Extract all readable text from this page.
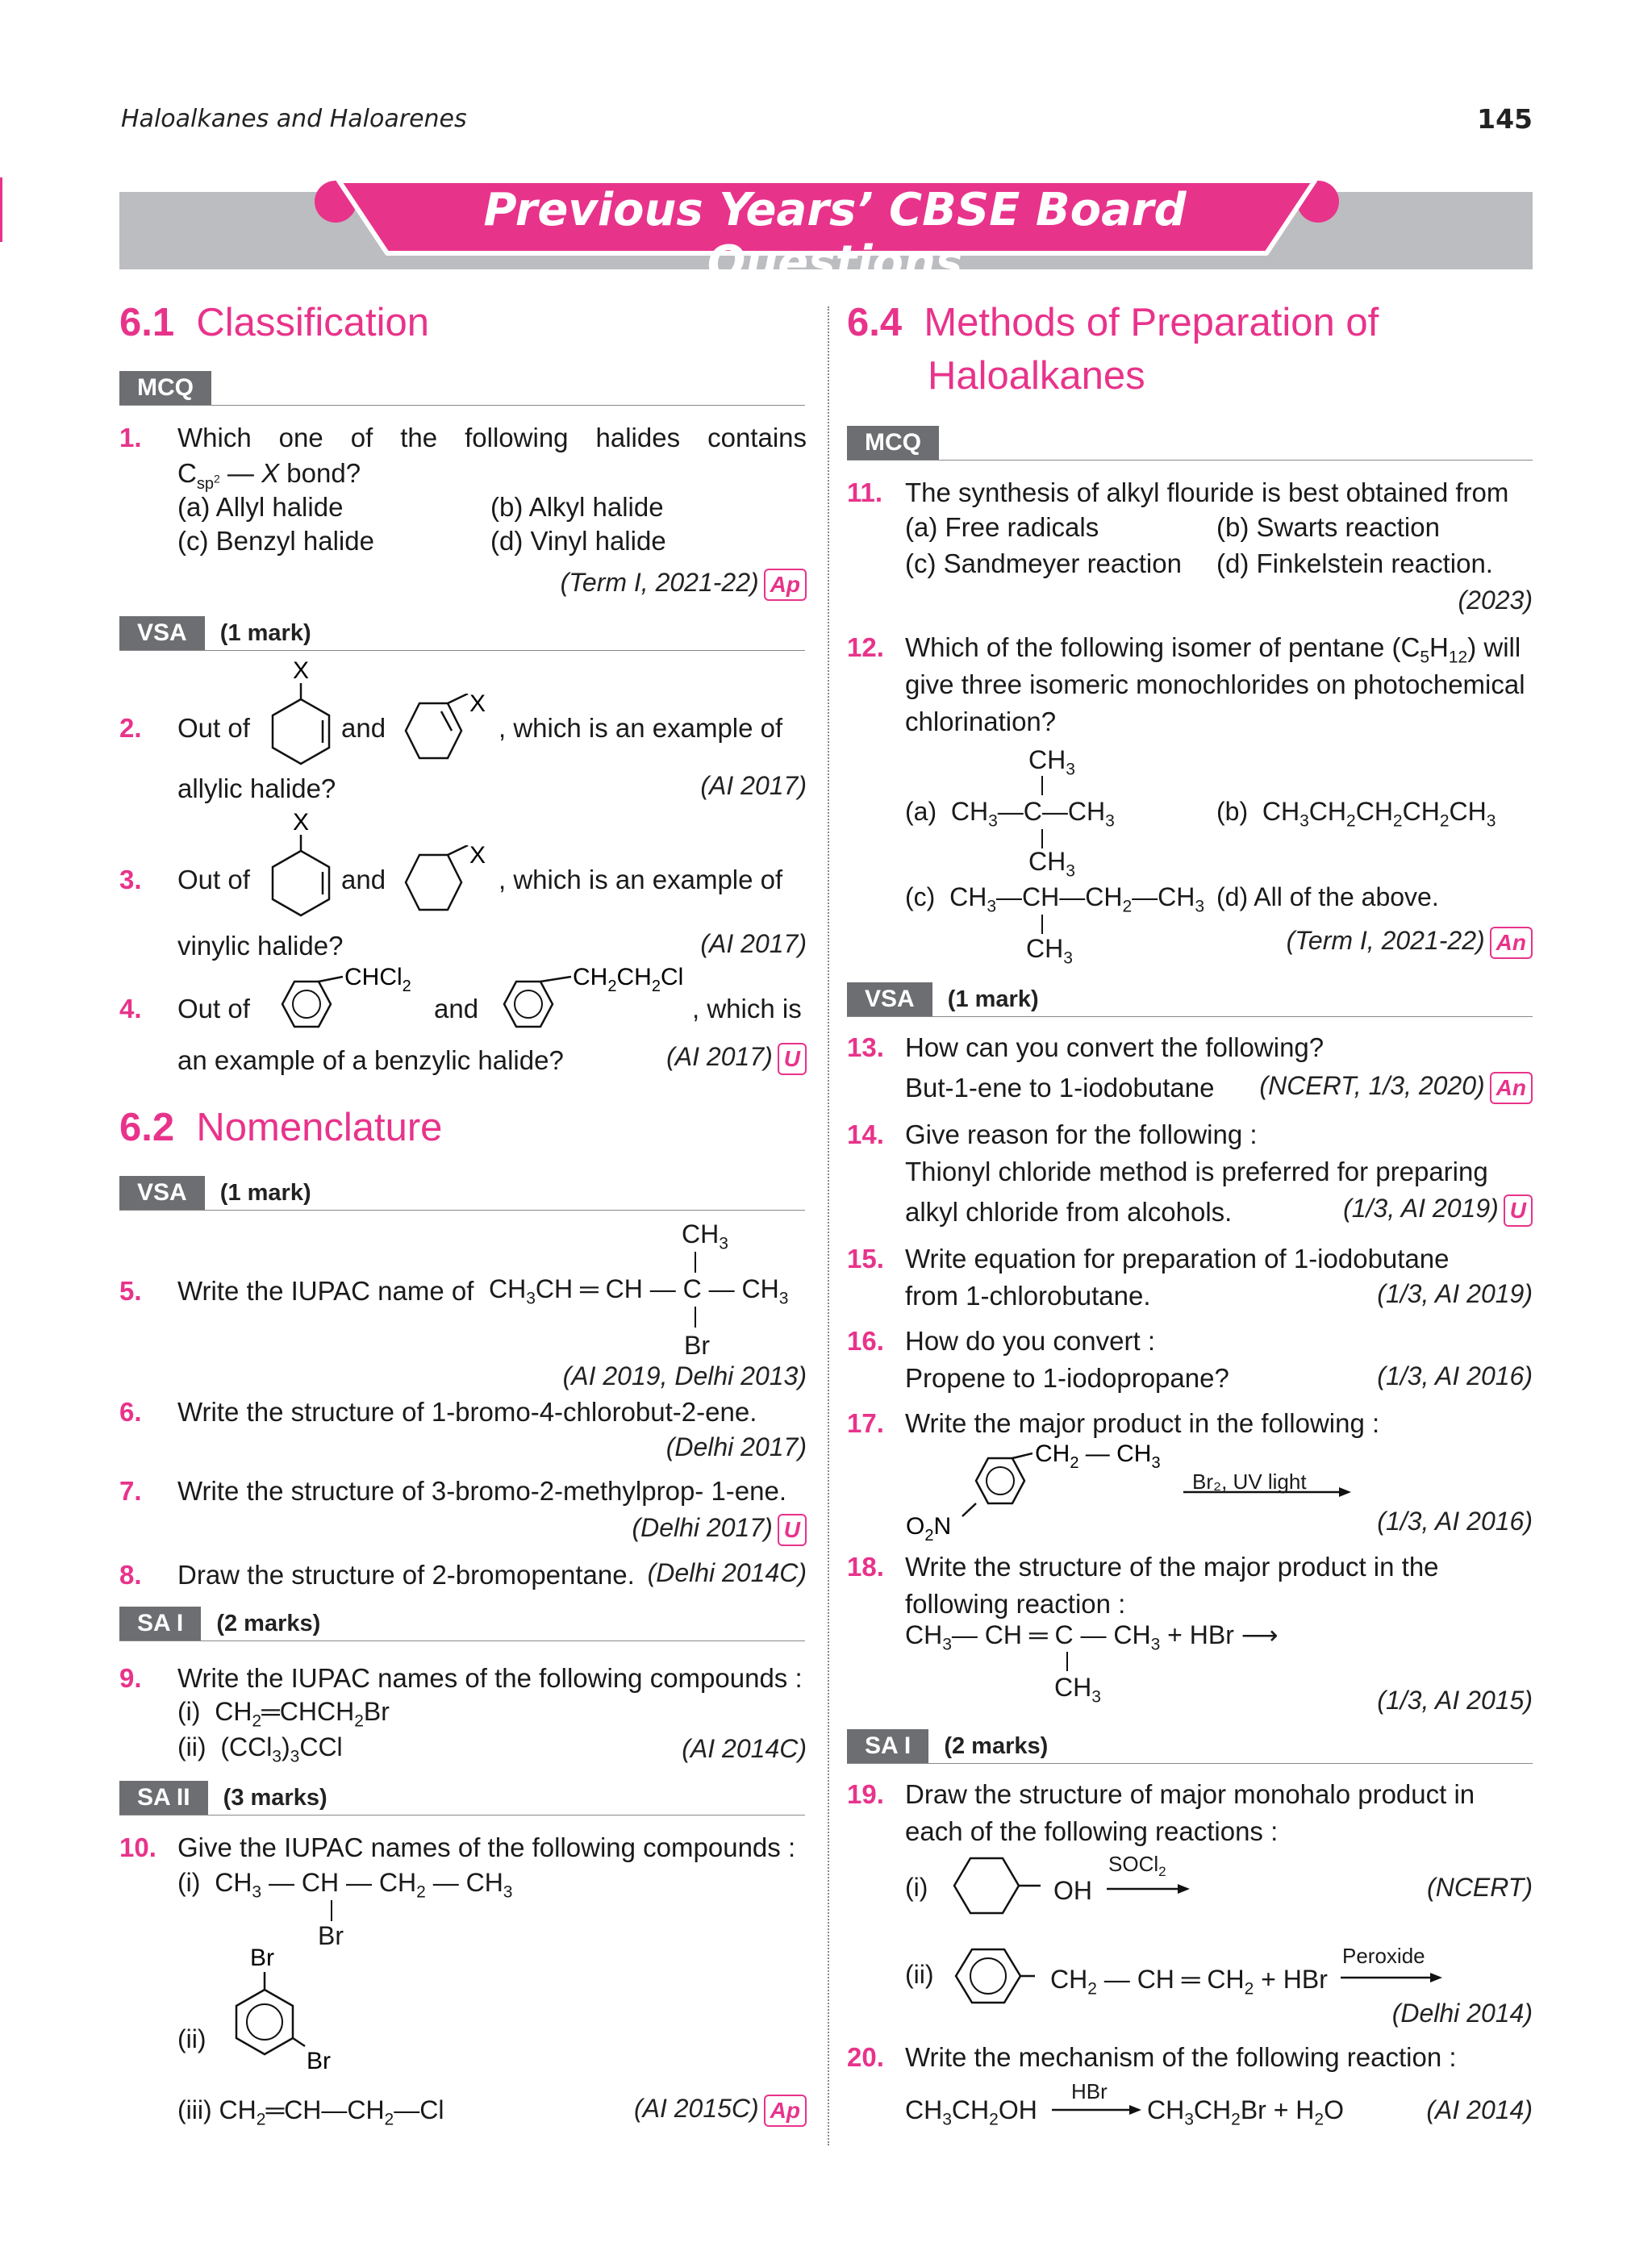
Haloalkanes and Haloarenes	145
Previous Years’ CBSE Board Questions
6.1 Classification
MCQ
1. Which one of the following halides contains
$C_{sp^2}$ — X bond?
(a) Allyl halide	(b) Alkyl halide
(c) Benzyl halide	(d) Vinyl halide
(Term I, 2021-22) Ap
VSA (1 mark)
2. Out of	and	, which is an example of
X
X
allylic halide?	(AI 2017)
3. Out of	and	, which is an example of
X
X
vinylic halide?	(AI 2017)
4. Out of	and	, which is
CHCl$_2$	$CH_2CH_2Cl$
an example of a benzylic halide?	(AI 2017) U
6.2 Nomenclature
VSA (1 mark)
5. Write the IUPAC name of $CH_3CH$ ═ CH — C — $CH_3$
$CH_3$
Br
(AI 2019, Delhi 2013)
6. Write the structure of 1-bromo-4-chlorobut-2-ene.
(Delhi 2017)
7. Write the structure of 3-bromo-2-methylprop- 1-ene.
(Delhi 2017) U
8. Draw the structure of 2-bromopentane. (Delhi 2014C)
SA I (2 marks)
9. Write the IUPAC names of the following compounds :
(i)  $CH_2═CHCH_2Br$
(ii)  $(CCl_3)_3CCl$	(AI 2014C)
SA II (3 marks)
10. Give the IUPAC names of the following compounds :
(i)  $CH_3$ — CH — $CH_2$ — $CH_3$
Br
(ii)
Br
Br
(iii) $CH_2═CH—CH_2—Cl$	(AI 2015C) Ap
6.4 Methods of Preparation of
Haloalkanes
MCQ
11. The synthesis of alkyl flouride is best obtained from
(a) Free radicals	(b) Swarts reaction
(c) Sandmeyer reaction (d) Finkelstein reaction.
(2023)
12. Which of the following isomer of pentane $(C_5H_{12})$ will
give three isomeric monochlorides on photochemical
chlorination?
$CH_3$
(a)  $CH_3—C—CH_3$
$CH_3$
(b)  $CH_3CH_2CH_2CH_2CH_3$
(c)  $CH_3—CH—CH_2—CH_3$
$CH_3$
(d) All of the above.
(Term I, 2021-22) An
VSA (1 mark)
13. How can you convert the following?
But-1-ene to 1-iodobutane (NCERT, 1/3, 2020) An
14. Give reason for the following :
Thionyl chloride method is preferred for preparing
alkyl chloride from alcohols.	(1/3, AI 2019) U
15. Write equation for preparation of 1-iodobutane
from 1-chlorobutane.	(1/3, AI 2019)
16. How do you convert :
Propene to 1-iodopropane?	(1/3, AI 2016)
17. Write the major product in the following :
$CH_2$ — $CH_3$
$O_2N$
Br₂, UV light
(1/3, AI 2016)
18. Write the structure of the major product in the
following reaction :
$CH_3—$ CH ═ C — $CH_3$ + HBr ⟶
$CH_3$	(1/3, AI 2015)
SA I (2 marks)
19. Draw the structure of major monohalo product in
each of the following reactions :
(i)	OH
SOCl$_2$
(NCERT)
(ii)	$CH_2$ — CH ═ $CH_2$ + HBr
Peroxide
(Delhi 2014)
20. Write the mechanism of the following reaction :
$CH_3CH_2OH$
HBr
$CH_3CH_2Br + H_2O$	(AI 2014)
